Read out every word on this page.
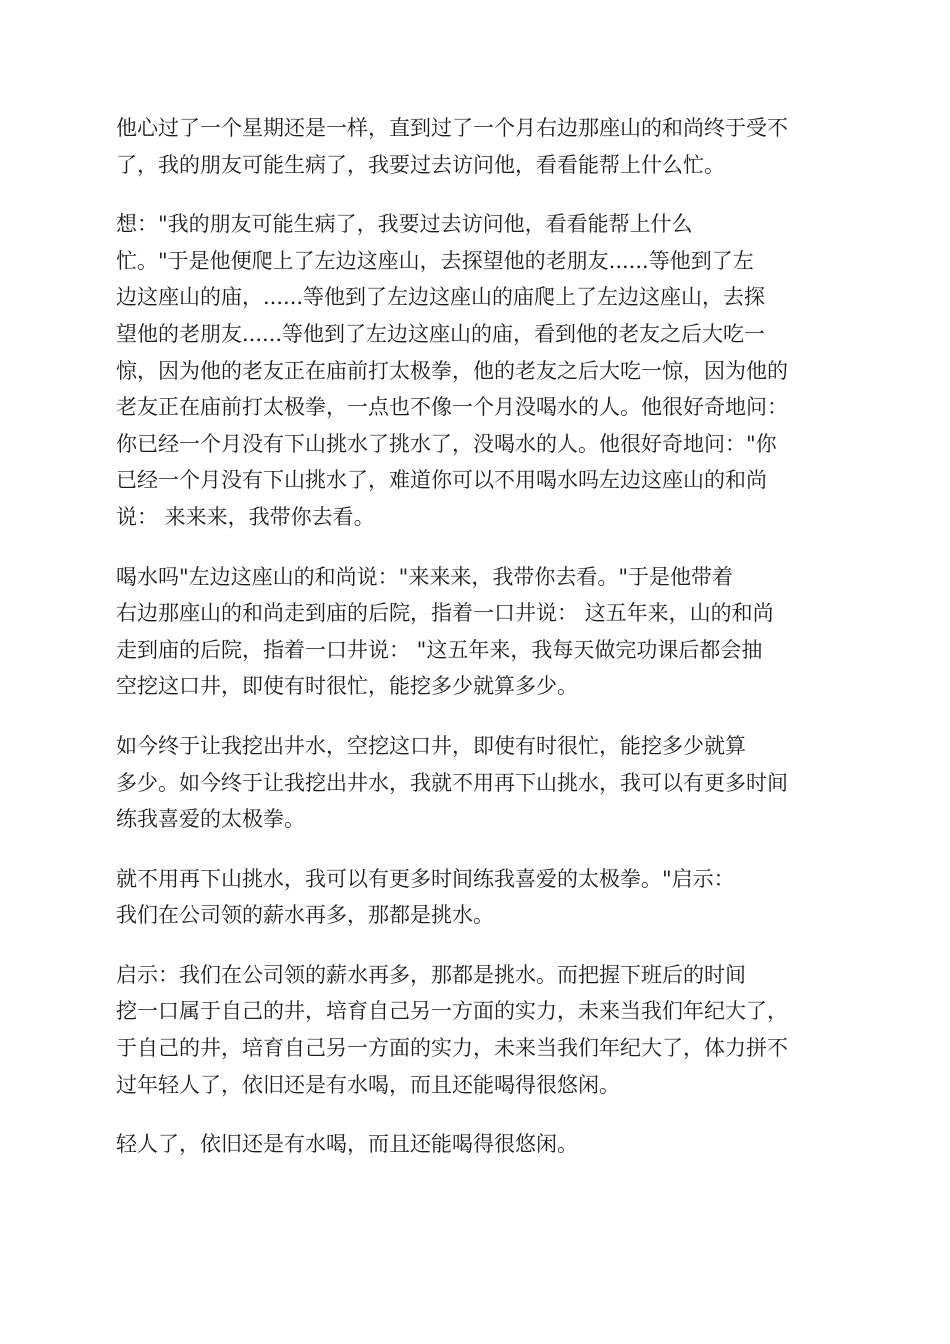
他心过了一个星期还是一样，直到过了一个月右边那座山的和尚终于受不
了，我的朋友可能生病了，我要过去访问他，看看能帮上什么忙。

想："我的朋友可能生病了，我要过去访问他，看看能帮上什么
忙。"于是他便爬上了左边这座山，去探望他的老朋友......等他到了左
边这座山的庙，......等他到了左边这座山的庙爬上了左边这座山，去探
望他的老朋友......等他到了左边这座山的庙，看到他的老友之后大吃一
惊，因为他的老友正在庙前打太极拳，他的老友之后大吃一惊，因为他的
老友正在庙前打太极拳，一点也不像一个月没喝水的人。他很好奇地问：
你已经一个月没有下山挑水了挑水了，没喝水的人。他很好奇地问："你
已经一个月没有下山挑水了，难道你可以不用喝水吗左边这座山的和尚
说： 来来来，我带你去看。

喝水吗"左边这座山的和尚说："来来来，我带你去看。"于是他带着
右边那座山的和尚走到庙的后院，指着一口井说： 这五年来，山的和尚
走到庙的后院，指着一口井说： "这五年来，我每天做完功课后都会抽
空挖这口井，即使有时很忙，能挖多少就算多少。

如今终于让我挖出井水，空挖这口井，即使有时很忙，能挖多少就算
多少。如今终于让我挖出井水，我就不用再下山挑水，我可以有更多时间
练我喜爱的太极拳。

就不用再下山挑水，我可以有更多时间练我喜爱的太极拳。"启示：
我们在公司领的薪水再多，那都是挑水。

启示：我们在公司领的薪水再多，那都是挑水。而把握下班后的时间
挖一口属于自己的井，培育自己另一方面的实力，未来当我们年纪大了，
于自己的井，培育自己另一方面的实力，未来当我们年纪大了，体力拼不
过年轻人了，依旧还是有水喝，而且还能喝得很悠闲。

轻人了，依旧还是有水喝，而且还能喝得很悠闲。
